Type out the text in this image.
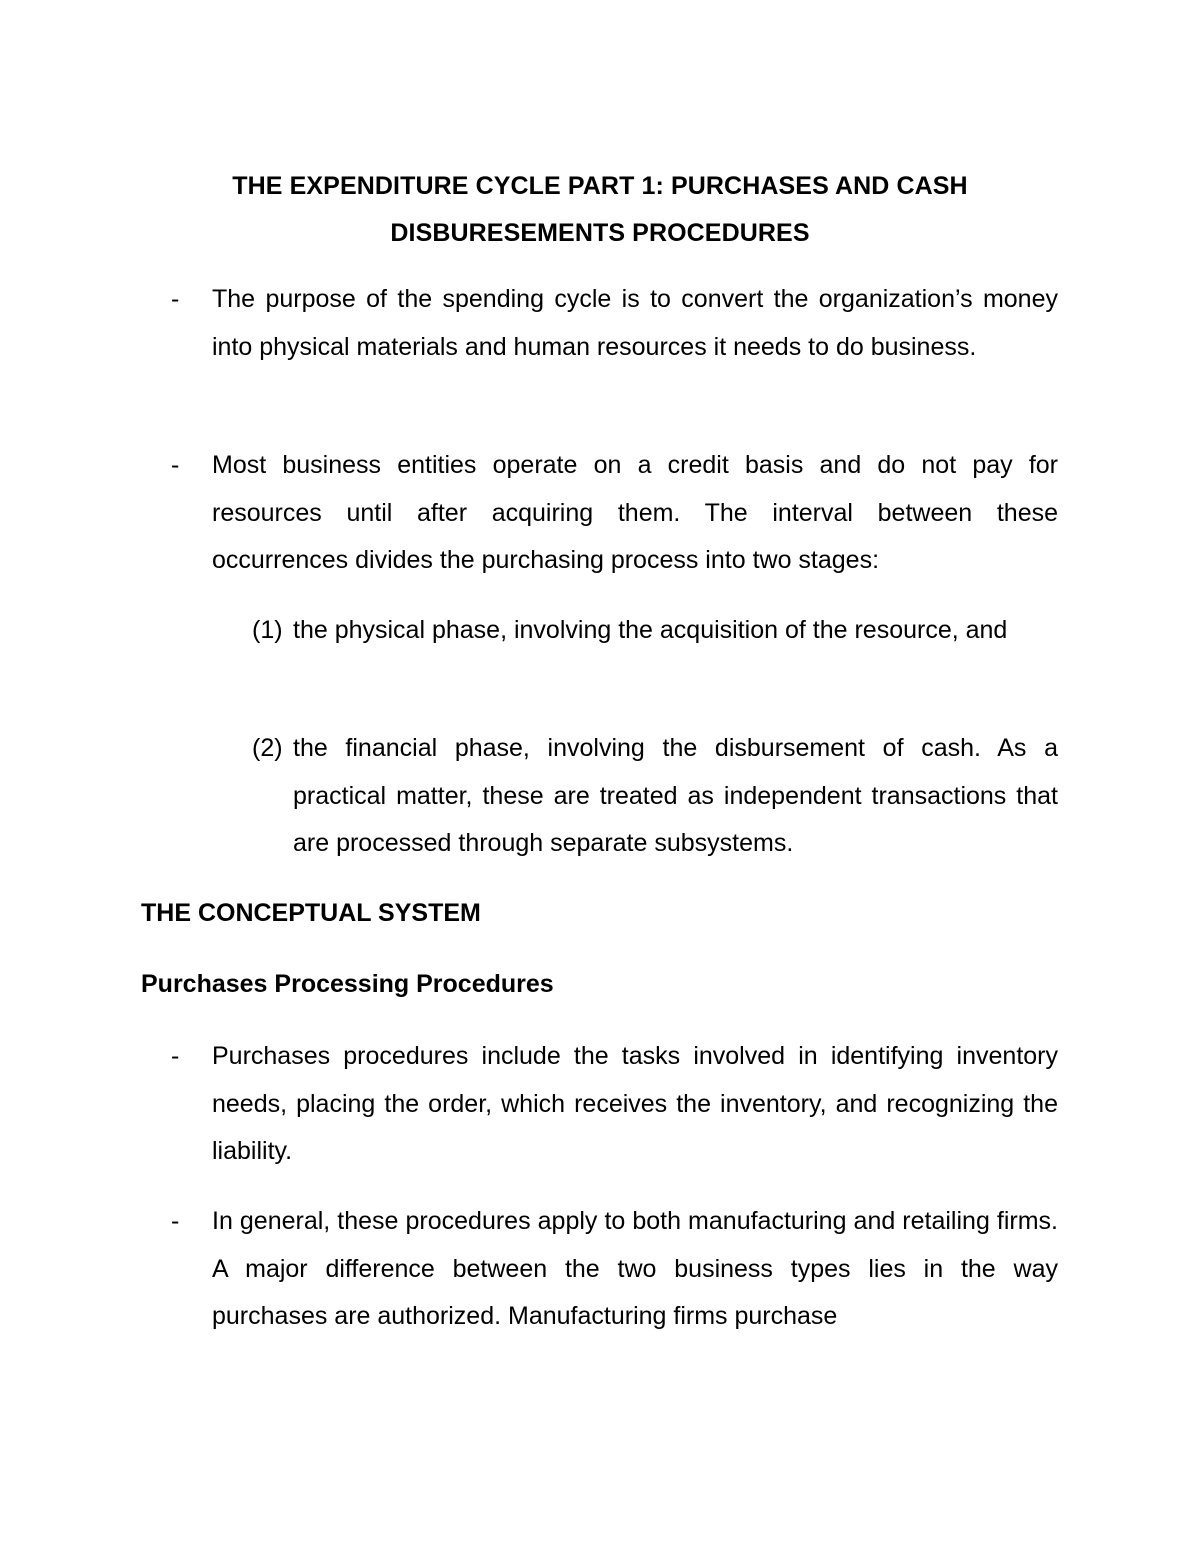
THE EXPENDITURE CYCLE PART 1: PURCHASES AND CASH
DISBURESEMENTS PROCEDURES
- The purpose of the spending cycle is to convert the organization’s money into physical materials and human resources it needs to do business.
- Most business entities operate on a credit basis and do not pay for resources until after acquiring them. The interval between these occurrences divides the purchasing process into two stages:
(1) the physical phase, involving the acquisition of the resource, and
(2) the financial phase, involving the disbursement of cash. As a practical matter, these are treated as independent transactions that are processed through separate subsystems.
THE CONCEPTUAL SYSTEM
Purchases Processing Procedures
- Purchases procedures include the tasks involved in identifying inventory needs, placing the order, which receives the inventory, and recognizing the liability.
- In general, these procedures apply to both manufacturing and retailing firms. A major difference between the two business types lies in the way purchases are authorized. Manufacturing firms purchase
